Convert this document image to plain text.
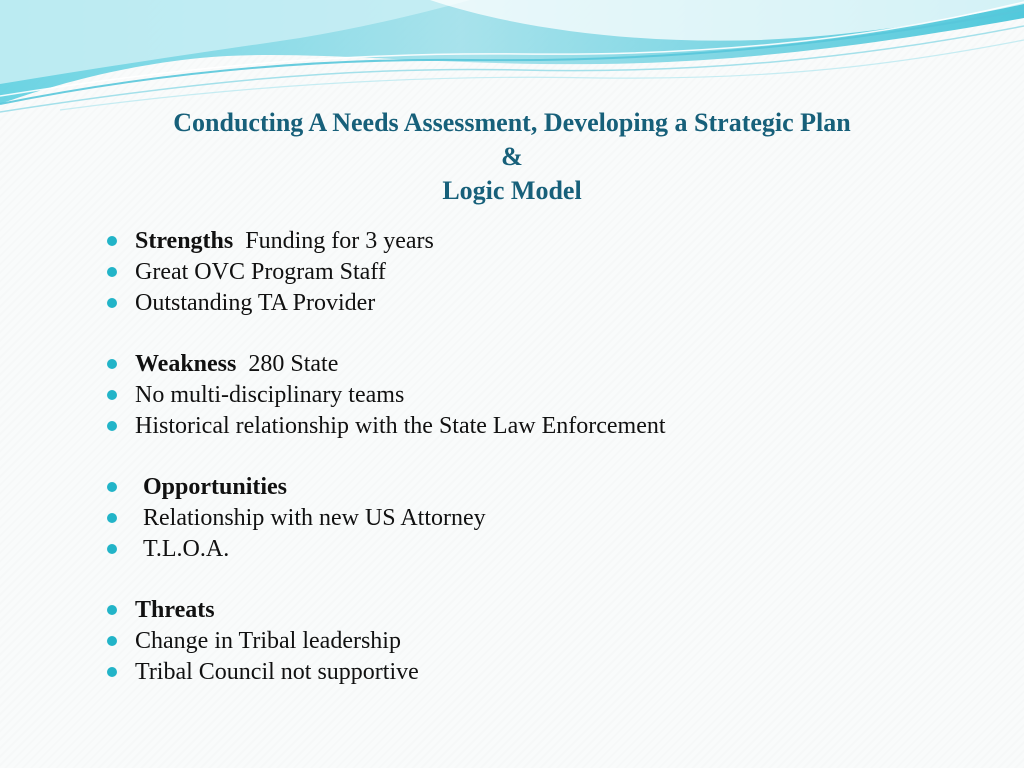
Conducting A Needs Assessment, Developing a Strategic Plan
&
Logic Model
Strengths Funding for 3 years
Great OVC Program Staff
Outstanding TA Provider
Weakness 280 State
No multi-disciplinary teams
Historical relationship with the State Law Enforcement
Opportunities
Relationship with new US Attorney
T.L.O.A.
Threats
Change in Tribal leadership
Tribal Council not supportive
